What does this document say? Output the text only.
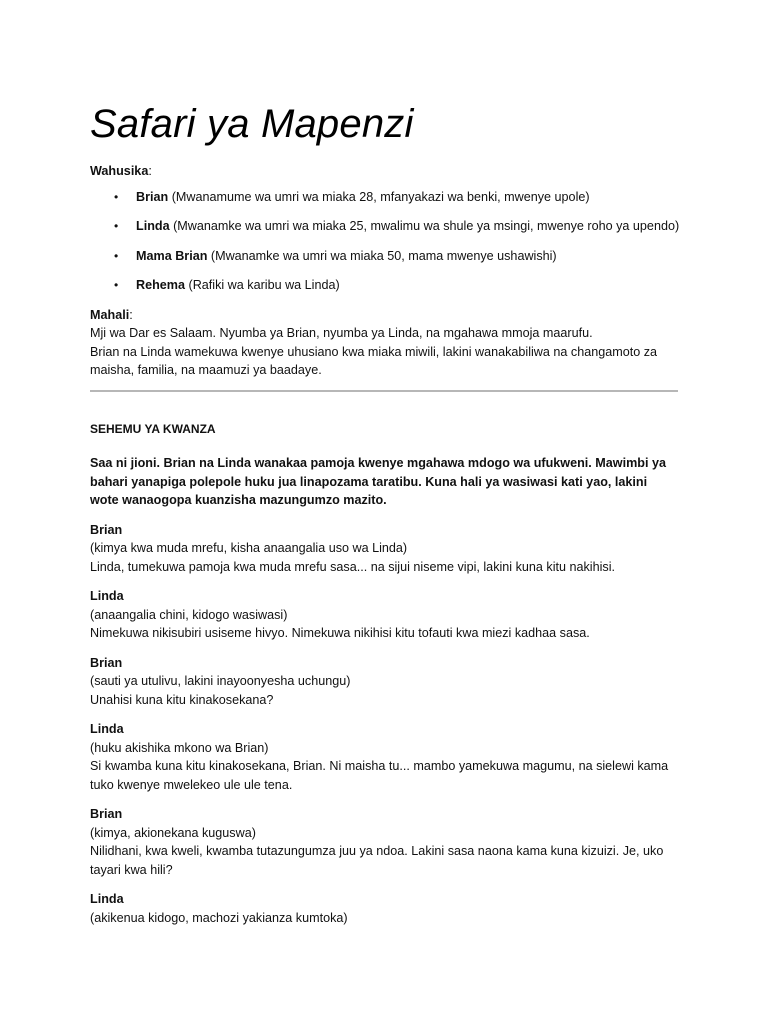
Safari ya Mapenzi

Wahusika:

• Brian (Mwanamume wa umri wa miaka 28, mfanyakazi wa benki, mwenye upole)
• Linda (Mwanamke wa umri wa miaka 25, mwalimu wa shule ya msingi, mwenye roho ya upendo)
• Mama Brian (Mwanamke wa umri wa miaka 50, mama mwenye ushawishi)
• Rehema (Rafiki wa karibu wa Linda)

Mahali:

Mji wa Dar es Salaam. Nyumba ya Brian, nyumba ya Linda, na mgahawa mmoja maarufu.

Brian na Linda wamekuwa kwenye uhusiano kwa miaka miwili, lakini wanakabiliwa na changamoto za maisha, familia, na maamuzi ya baadaye.

SEHEMU YA KWANZA

Saa ni jioni. Brian na Linda wanakaa pamoja kwenye mgahawa mdogo wa ufukweni. Mawimbi ya bahari yanapiga polepole huku jua linapozama taratibu. Kuna hali ya wasiwasi kati yao, lakini wote wanaogopa kuanzisha mazungumzo mazito.

Brian

(kimya kwa muda mrefu, kisha anaangalia uso wa Linda)

Linda, tumekuwa pamoja kwa muda mrefu sasa... na sijui niseme vipi, lakini kuna kitu nakihisi.

Linda

(anaangalia chini, kidogo wasiwasi)

Nimekuwa nikisubiri usiseme hivyo. Nimekuwa nikihisi kitu tofauti kwa miezi kadhaa sasa.

Brian

(sauti ya utulivu, lakini inayoonyesha uchungu)

Unahisi kuna kitu kinakosekana?

Linda

(huku akishika mkono wa Brian)

Si kwamba kuna kitu kinakosekana, Brian. Ni maisha tu... mambo yamekuwa magumu, na sielewi kama tuko kwenye mwelekeo ule ule tena.

Brian

(kimya, akionekana kuguswa)

Nilidhani, kwa kweli, kwamba tutazungumza juu ya ndoa. Lakini sasa naona kama kuna kizuizi. Je, uko tayari kwa hili?

Linda

(akikenua kidogo, machozi yakianza kumtoka)
